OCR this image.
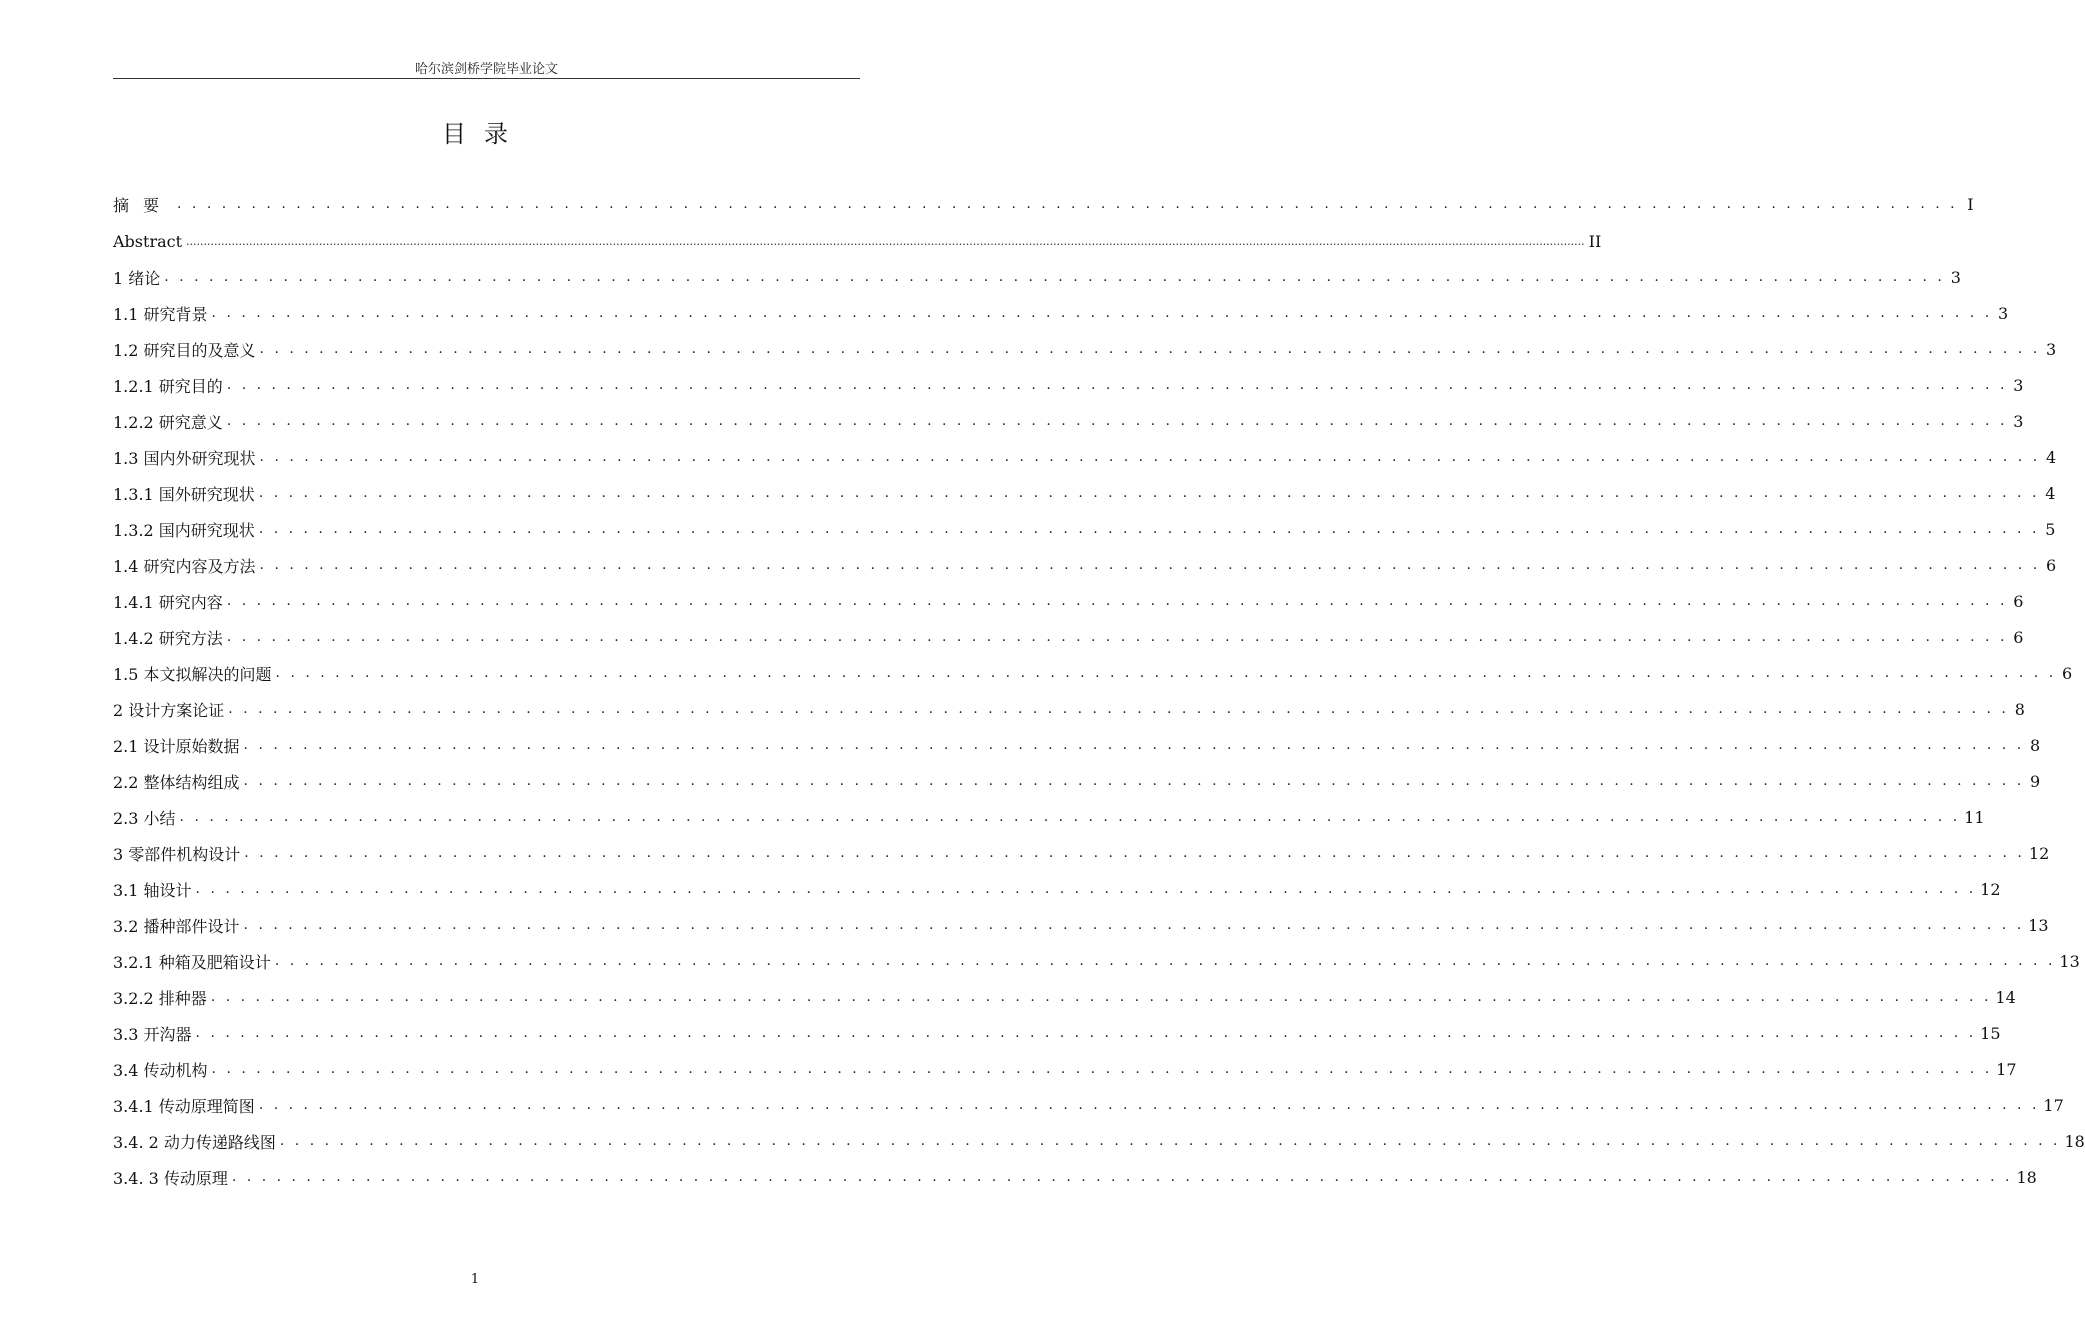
哈尔滨剑桥学院毕业论文
目录
摘要 . . . . . . . . . . . . . . . . . . . . . . . . . . . . . . . . . . . . . . . . . . . . . . . . . . . . . . . . . . . . . . . . . . . . . . . . . . . . . . . . . . . . . . . . . . . . . . . . . . . . . . . . . . . . . . . . . . . . . . . . I
Abstract ................................................................................................................................................................................................................................................................................................................................................................................................................ II
1 绪论 . . . . . . . . . . . . . . . . . . . . . . . . . . . . . . . . . . . . . . . . . . . . . . . . . . . . . . . . . . . . . . . . . . . . . . . . . . . . . . . . . . . . . . . . . . . . . . . . . . . . . . . . . . . . . . . . . . . . . . . . 3
1.1 研究背景 . . . . . . . . . . . . . . . . . . . . . . . . . . . . . . . . . . . . . . . . . . . . . . . . . . . . . . . . . . . . . . . . . . . . . . . . . . . . . . . . . . . . . . . . . . . . . . . . . . . . . . . . . . . . . . . . . . . . . . . . 3
1.2 研究目的及意义 . . . . . . . . . . . . . . . . . . . . . . . . . . . . . . . . . . . . . . . . . . . . . . . . . . . . . . . . . . . . . . . . . . . . . . . . . . . . . . . . . . . . . . . . . . . . . . . . . . . . . . . . . . . . . . . . . . . . . . . . 3
1.2.1 研究目的 . . . . . . . . . . . . . . . . . . . . . . . . . . . . . . . . . . . . . . . . . . . . . . . . . . . . . . . . . . . . . . . . . . . . . . . . . . . . . . . . . . . . . . . . . . . . . . . . . . . . . . . . . . . . . . . . . . . . . . . . 3
1.2.2 研究意义 . . . . . . . . . . . . . . . . . . . . . . . . . . . . . . . . . . . . . . . . . . . . . . . . . . . . . . . . . . . . . . . . . . . . . . . . . . . . . . . . . . . . . . . . . . . . . . . . . . . . . . . . . . . . . . . . . . . . . . . . 3
1.3 国内外研究现状 . . . . . . . . . . . . . . . . . . . . . . . . . . . . . . . . . . . . . . . . . . . . . . . . . . . . . . . . . . . . . . . . . . . . . . . . . . . . . . . . . . . . . . . . . . . . . . . . . . . . . . . . . . . . . . . . . . . . . . . . 4
1.3.1 国外研究现状 . . . . . . . . . . . . . . . . . . . . . . . . . . . . . . . . . . . . . . . . . . . . . . . . . . . . . . . . . . . . . . . . . . . . . . . . . . . . . . . . . . . . . . . . . . . . . . . . . . . . . . . . . . . . . . . . . . . . . . . . 4
1.3.2 国内研究现状 . . . . . . . . . . . . . . . . . . . . . . . . . . . . . . . . . . . . . . . . . . . . . . . . . . . . . . . . . . . . . . . . . . . . . . . . . . . . . . . . . . . . . . . . . . . . . . . . . . . . . . . . . . . . . . . . . . . . . . . . 5
1.4 研究内容及方法 . . . . . . . . . . . . . . . . . . . . . . . . . . . . . . . . . . . . . . . . . . . . . . . . . . . . . . . . . . . . . . . . . . . . . . . . . . . . . . . . . . . . . . . . . . . . . . . . . . . . . . . . . . . . . . . . . . . . . . . . 6
1.4.1 研究内容 . . . . . . . . . . . . . . . . . . . . . . . . . . . . . . . . . . . . . . . . . . . . . . . . . . . . . . . . . . . . . . . . . . . . . . . . . . . . . . . . . . . . . . . . . . . . . . . . . . . . . . . . . . . . . . . . . . . . . . . . 6
1.4.2 研究方法 . . . . . . . . . . . . . . . . . . . . . . . . . . . . . . . . . . . . . . . . . . . . . . . . . . . . . . . . . . . . . . . . . . . . . . . . . . . . . . . . . . . . . . . . . . . . . . . . . . . . . . . . . . . . . . . . . . . . . . . . 6
1.5 本文拟解决的问题 . . . . . . . . . . . . . . . . . . . . . . . . . . . . . . . . . . . . . . . . . . . . . . . . . . . . . . . . . . . . . . . . . . . . . . . . . . . . . . . . . . . . . . . . . . . . . . . . . . . . . . . . . . . . . . . . . . . . . . . . 6
2 设计方案论证 . . . . . . . . . . . . . . . . . . . . . . . . . . . . . . . . . . . . . . . . . . . . . . . . . . . . . . . . . . . . . . . . . . . . . . . . . . . . . . . . . . . . . . . . . . . . . . . . . . . . . . . . . . . . . . . . . . . . . . . . 8
2.1 设计原始数据 . . . . . . . . . . . . . . . . . . . . . . . . . . . . . . . . . . . . . . . . . . . . . . . . . . . . . . . . . . . . . . . . . . . . . . . . . . . . . . . . . . . . . . . . . . . . . . . . . . . . . . . . . . . . . . . . . . . . . . . . 8
2.2 整体结构组成 . . . . . . . . . . . . . . . . . . . . . . . . . . . . . . . . . . . . . . . . . . . . . . . . . . . . . . . . . . . . . . . . . . . . . . . . . . . . . . . . . . . . . . . . . . . . . . . . . . . . . . . . . . . . . . . . . . . . . . . . 9
2.3 小结 . . . . . . . . . . . . . . . . . . . . . . . . . . . . . . . . . . . . . . . . . . . . . . . . . . . . . . . . . . . . . . . . . . . . . . . . . . . . . . . . . . . . . . . . . . . . . . . . . . . . . . . . . . . . . . . . . . . . . . . . 11
3 零部件机构设计 . . . . . . . . . . . . . . . . . . . . . . . . . . . . . . . . . . . . . . . . . . . . . . . . . . . . . . . . . . . . . . . . . . . . . . . . . . . . . . . . . . . . . . . . . . . . . . . . . . . . . . . . . . . . . . . . . . . . . . . . 12
3.1 轴设计 . . . . . . . . . . . . . . . . . . . . . . . . . . . . . . . . . . . . . . . . . . . . . . . . . . . . . . . . . . . . . . . . . . . . . . . . . . . . . . . . . . . . . . . . . . . . . . . . . . . . . . . . . . . . . . . . . . . . . . . . 12
3.2 播种部件设计 . . . . . . . . . . . . . . . . . . . . . . . . . . . . . . . . . . . . . . . . . . . . . . . . . . . . . . . . . . . . . . . . . . . . . . . . . . . . . . . . . . . . . . . . . . . . . . . . . . . . . . . . . . . . . . . . . . . . . . . . 13
3.2.1 种箱及肥箱设计 . . . . . . . . . . . . . . . . . . . . . . . . . . . . . . . . . . . . . . . . . . . . . . . . . . . . . . . . . . . . . . . . . . . . . . . . . . . . . . . . . . . . . . . . . . . . . . . . . . . . . . . . . . . . . . . . . . . . . . . . 13
3.2.2 排种器 . . . . . . . . . . . . . . . . . . . . . . . . . . . . . . . . . . . . . . . . . . . . . . . . . . . . . . . . . . . . . . . . . . . . . . . . . . . . . . . . . . . . . . . . . . . . . . . . . . . . . . . . . . . . . . . . . . . . . . . . 14
3.3 开沟器 . . . . . . . . . . . . . . . . . . . . . . . . . . . . . . . . . . . . . . . . . . . . . . . . . . . . . . . . . . . . . . . . . . . . . . . . . . . . . . . . . . . . . . . . . . . . . . . . . . . . . . . . . . . . . . . . . . . . . . . . 15
3.4 传动机构 . . . . . . . . . . . . . . . . . . . . . . . . . . . . . . . . . . . . . . . . . . . . . . . . . . . . . . . . . . . . . . . . . . . . . . . . . . . . . . . . . . . . . . . . . . . . . . . . . . . . . . . . . . . . . . . . . . . . . . . . 17
3.4.1 传动原理简图 . . . . . . . . . . . . . . . . . . . . . . . . . . . . . . . . . . . . . . . . . . . . . . . . . . . . . . . . . . . . . . . . . . . . . . . . . . . . . . . . . . . . . . . . . . . . . . . . . . . . . . . . . . . . . . . . . . . . . . . . 17
3.4. 2 动力传递路线图 . . . . . . . . . . . . . . . . . . . . . . . . . . . . . . . . . . . . . . . . . . . . . . . . . . . . . . . . . . . . . . . . . . . . . . . . . . . . . . . . . . . . . . . . . . . . . . . . . . . . . . . . . . . . . . . . . . . . . . . . 18
3.4. 3 传动原理 . . . . . . . . . . . . . . . . . . . . . . . . . . . . . . . . . . . . . . . . . . . . . . . . . . . . . . . . . . . . . . . . . . . . . . . . . . . . . . . . . . . . . . . . . . . . . . . . . . . . . . . . . . . . . . . . . . . . . . . . 18
1
